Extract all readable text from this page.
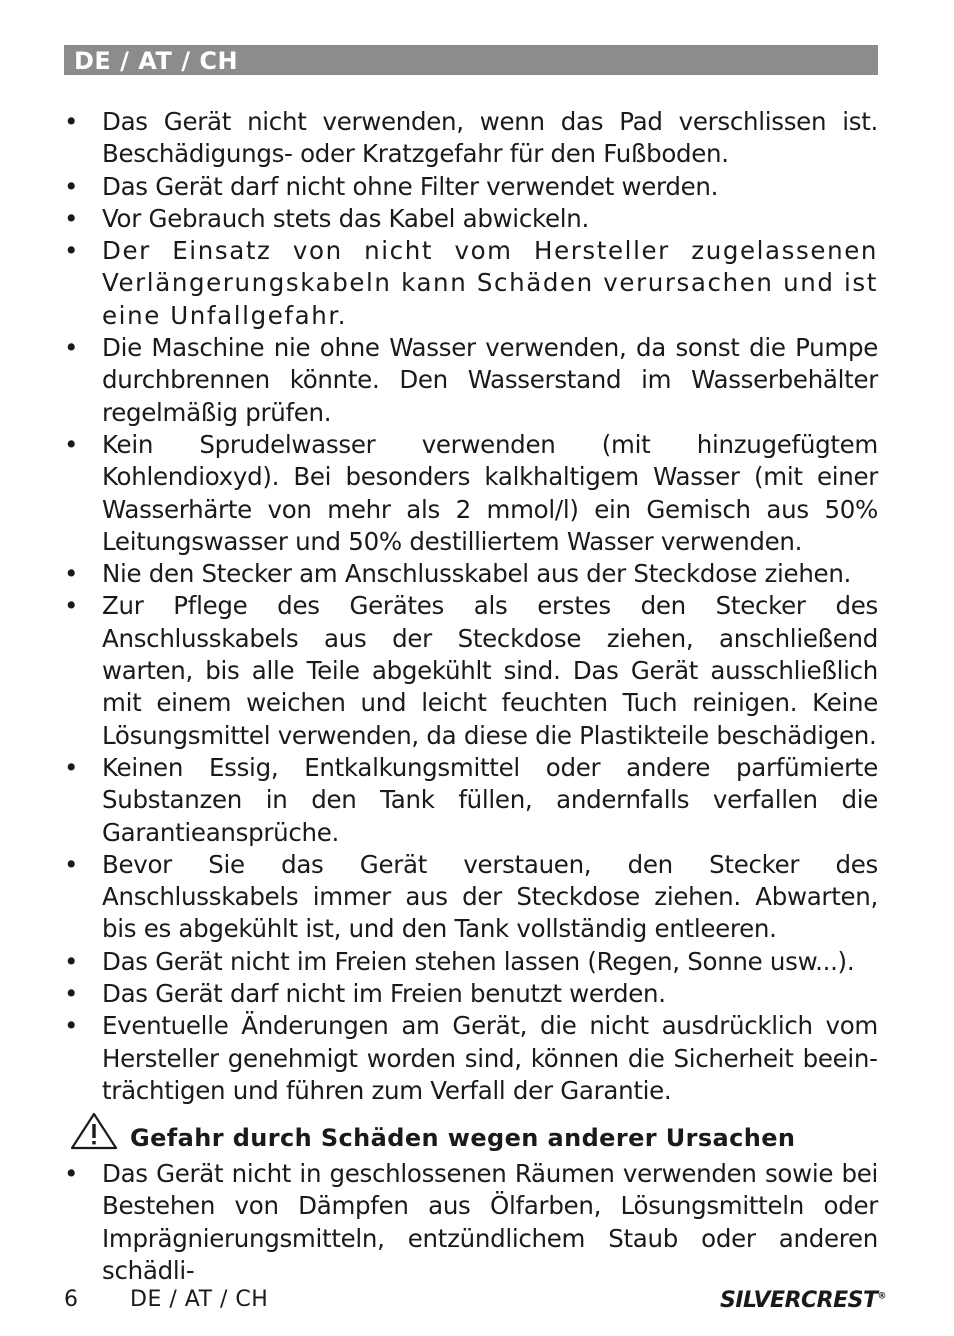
DE / AT / CH
• Das Gerät nicht verwenden, wenn das Pad verschlissen ist. Beschädigungs- oder Kratzgefahr für den Fußboden.
• Das Gerät darf nicht ohne Filter verwendet werden.
• Vor Gebrauch stets das Kabel abwickeln.
• Der Einsatz von nicht vom Hersteller zugelassenen Verlängerungskabeln kann Schäden verursachen und ist eine Unfallgefahr.
• Die Maschine nie ohne Wasser verwenden, da sonst die Pumpe durchbrennen könnte. Den Wasserstand im Wasserbehälter regelmäßig prüfen.
• Kein Sprudelwasser verwenden (mit hinzugefügtem Kohlendioxyd). Bei besonders kalkhaltigem Wasser (mit einer Wasserhärte von mehr als 2 mmol/l) ein Gemisch aus 50% Leitungswasser und 50% destilliertem Wasser verwenden.
• Nie den Stecker am Anschlusskabel aus der Steckdose ziehen.
• Zur Pflege des Gerätes als erstes den Stecker des Anschlusskabels aus der Steckdose ziehen, anschließend warten, bis alle Teile abgekühlt sind. Das Gerät ausschließlich mit einem weichen und leicht feuchten Tuch reinigen. Keine Lösungsmittel verwenden, da diese die Plastikteile beschädigen.
• Keinen Essig, Entkalkungsmittel oder andere parfümierte Substanzen in den Tank füllen, andernfalls verfallen die Garantieansprüche.
• Bevor Sie das Gerät verstauen, den Stecker des Anschlusskabels immer aus der Steckdose ziehen. Abwarten, bis es abgekühlt ist, und den Tank vollständig entleeren.
• Das Gerät nicht im Freien stehen lassen (Regen, Sonne usw...).
• Das Gerät darf nicht im Freien benutzt werden.
• Eventuelle Änderungen am Gerät, die nicht ausdrücklich vom Hersteller genehmigt worden sind, können die Sicherheit beeinträchtigen und führen zum Verfall der Garantie.
Gefahr durch Schäden wegen anderer Ursachen
• Das Gerät nicht in geschlossenen Räumen verwenden sowie bei Bestehen von Dämpfen aus Ölfarben, Lösungsmitteln oder Imprägnierungsmitteln, entzündlichem Staub oder anderen schädli-
6 DE / AT / CH	SILVERCREST®
